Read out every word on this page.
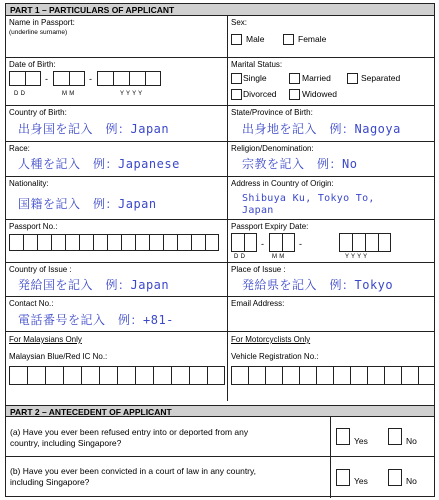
PART 1 – PARTICULARS OF APPLICANT
Name in Passport:
(underline surname)
Sex:
Male	Female
Date of Birth:
-	-
D D	M M	Y Y Y Y
Marital Status:
Single	Married	Separated
Divorced	Widowed
Country of Birth:
出身国を記入　例：Japan
State/Province of Birth:
出身地を記入　例：Nagoya
Race:
人種を記入　例：Japanese
Religion/Denomination:
宗教を記入　例：No
Nationality:
国籍を記入　例：Japan
Address in Country of Origin:
Shibuya Ku, Tokyo To,
Japan
Passport No.:	Passport Expiry Date:
-	-
D D	M M	Y Y Y Y
Country of Issue :
発給国を記入　例：Japan
Place of Issue :
発給県を記入　例：Tokyo
Contact No.:
電話番号を記入　例：+81-
Email Address:
For Malaysians Only
Malaysian Blue/Red IC No.:
For Motorcyclists Only
Vehicle Registration No.:
PART 2 – ANTECEDENT OF APPLICANT
(a) Have you ever been refused entry into or deported from any
country, including Singapore?	Yes	No
(b) Have you ever been convicted in a court of law in any country,
including Singapore?	Yes	No
